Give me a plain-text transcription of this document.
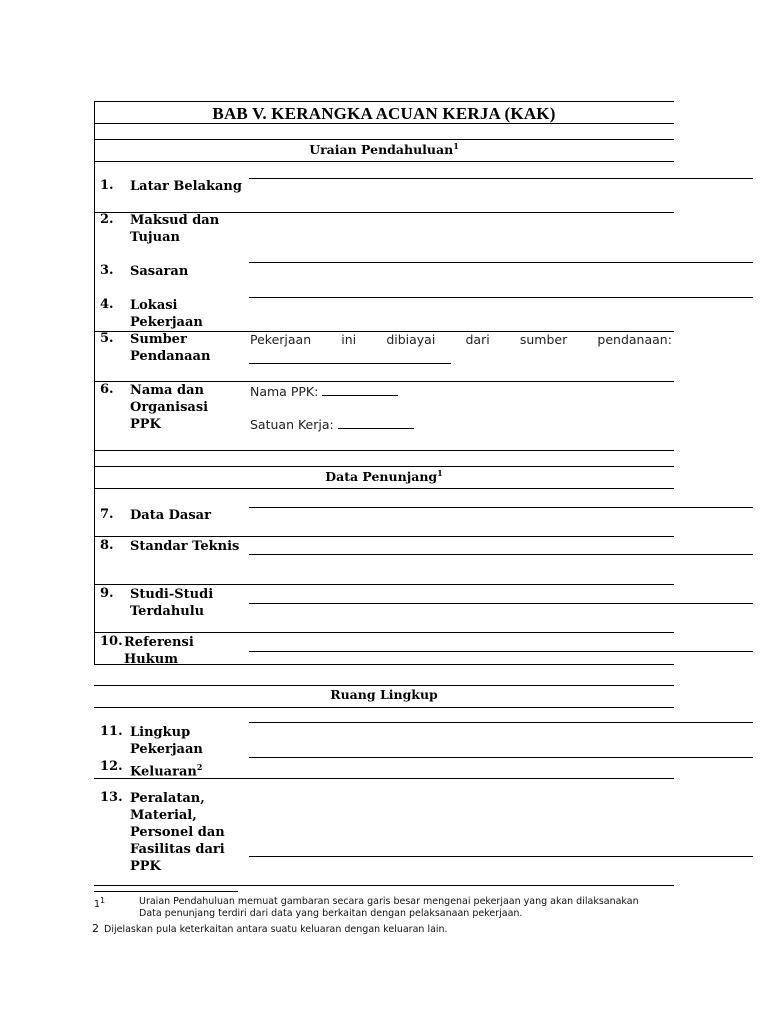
BAB V. KERANGKA ACUAN KERJA (KAK)
Uraian Pendahuluan$^1$
1. Latar Belakang
2. Maksud dan
Tujuan
3. Sasaran
4. Lokasi
Pekerjaan
5. Sumber
Pendanaan
Pekerjaan ini dibiayai dari sumber pendanaan:
6. Nama dan
Organisasi
PPK
Nama PPK:
Satuan Kerja:
Data Penunjang$^1$
7. Data Dasar
8. Standar Teknis
9. Studi-Studi
Terdahulu
10. Referensi
Hukum
Ruang Lingkup
11. Lingkup
Pekerjaan
12. Keluaran$^2$
13. Peralatan,
Material,
Personel dan
Fasilitas dari
PPK
$1^1$	Uraian Pendahuluan memuat gambaran secara garis besar mengenai pekerjaan yang akan dilaksanakan
Data penunjang terdiri dari data yang berkaitan dengan pelaksanaan pekerjaan.
2 Dijelaskan pula keterkaitan antara suatu keluaran dengan keluaran lain.
